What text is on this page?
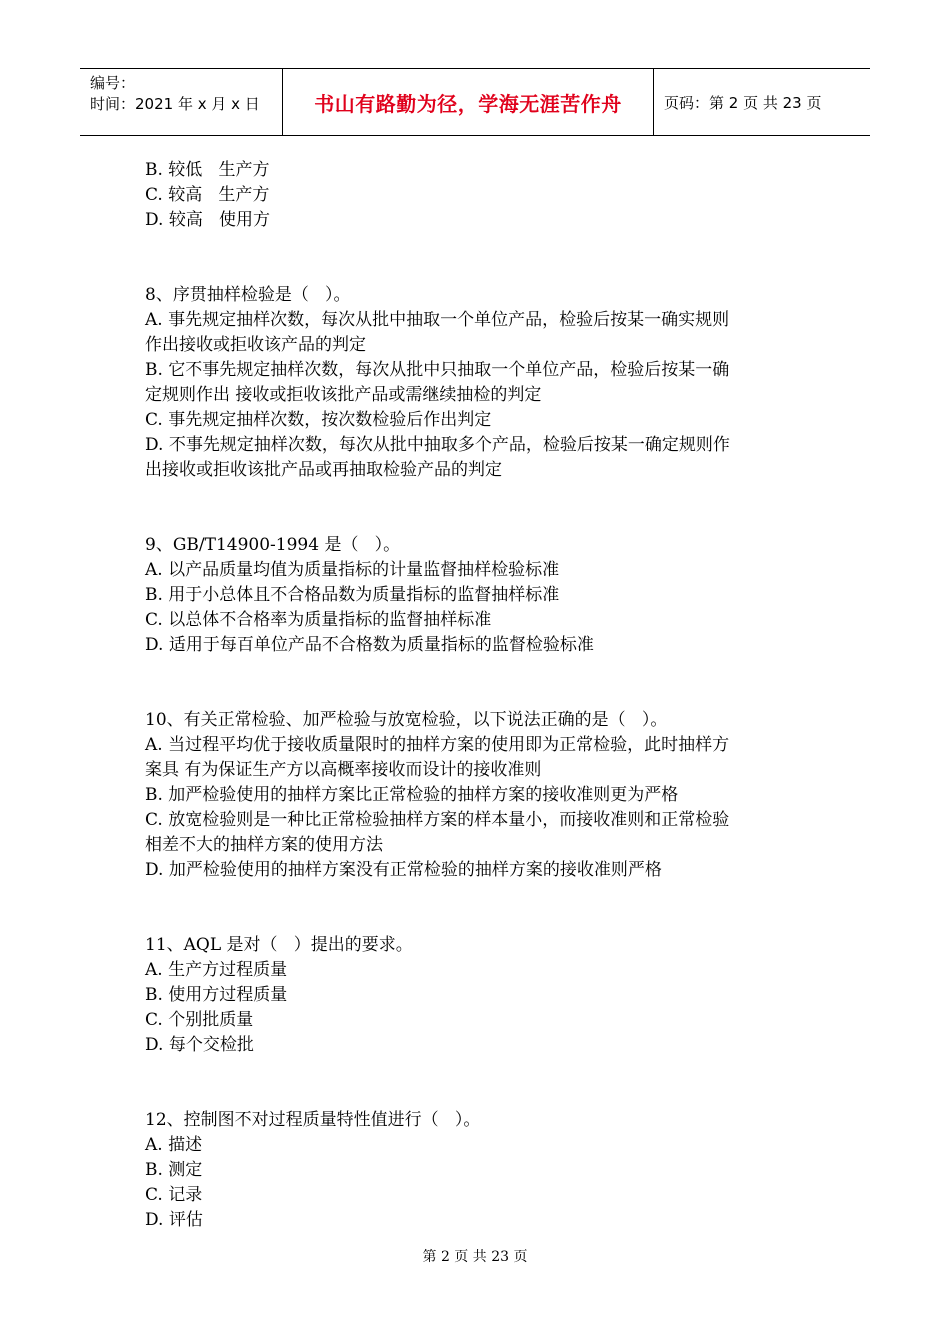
编号：
时间：2021 年 x 月 x 日	书山有路勤为径，学海无涯苦作舟	页码：第 2 页 共 23 页
B. 较低   生产方
C. 较高   生产方
D. 较高   使用方
8、序贯抽样检验是（   ）。
A. 事先规定抽样次数，每次从批中抽取一个单位产品，检验后按某一确实规则
作出接收或拒收该产品的判定
B. 它不事先规定抽样次数，每次从批中只抽取一个单位产品，检验后按某一确
定规则作出 接收或拒收该批产品或需继续抽检的判定
C. 事先规定抽样次数，按次数检验后作出判定
D. 不事先规定抽样次数，每次从批中抽取多个产品，检验后按某一确定规则作
出接收或拒收该批产品或再抽取检验产品的判定
9、GB/T14900-1994 是（   ）。
A. 以产品质量均值为质量指标的计量监督抽样检验标准
B. 用于小总体且不合格品数为质量指标的监督抽样标准
C. 以总体不合格率为质量指标的监督抽样标准
D. 适用于每百单位产品不合格数为质量指标的监督检验标准
10、有关正常检验、加严检验与放宽检验，以下说法正确的是（   ）。
A. 当过程平均优于接收质量限时的抽样方案的使用即为正常检验，此时抽样方
案具 有为保证生产方以高概率接收而设计的接收准则
B. 加严检验使用的抽样方案比正常检验的抽样方案的接收准则更为严格
C. 放宽检验则是一种比正常检验抽样方案的样本量小，而接收准则和正常检验
相差不大的抽样方案的使用方法
D. 加严检验使用的抽样方案没有正常检验的抽样方案的接收准则严格
11、AQL 是对（   ）提出的要求。
A. 生产方过程质量
B. 使用方过程质量
C. 个别批质量
D. 每个交检批
12、控制图不对过程质量特性值进行（   ）。
A. 描述
B. 测定
C. 记录
D. 评估
第 2 页 共 23 页
